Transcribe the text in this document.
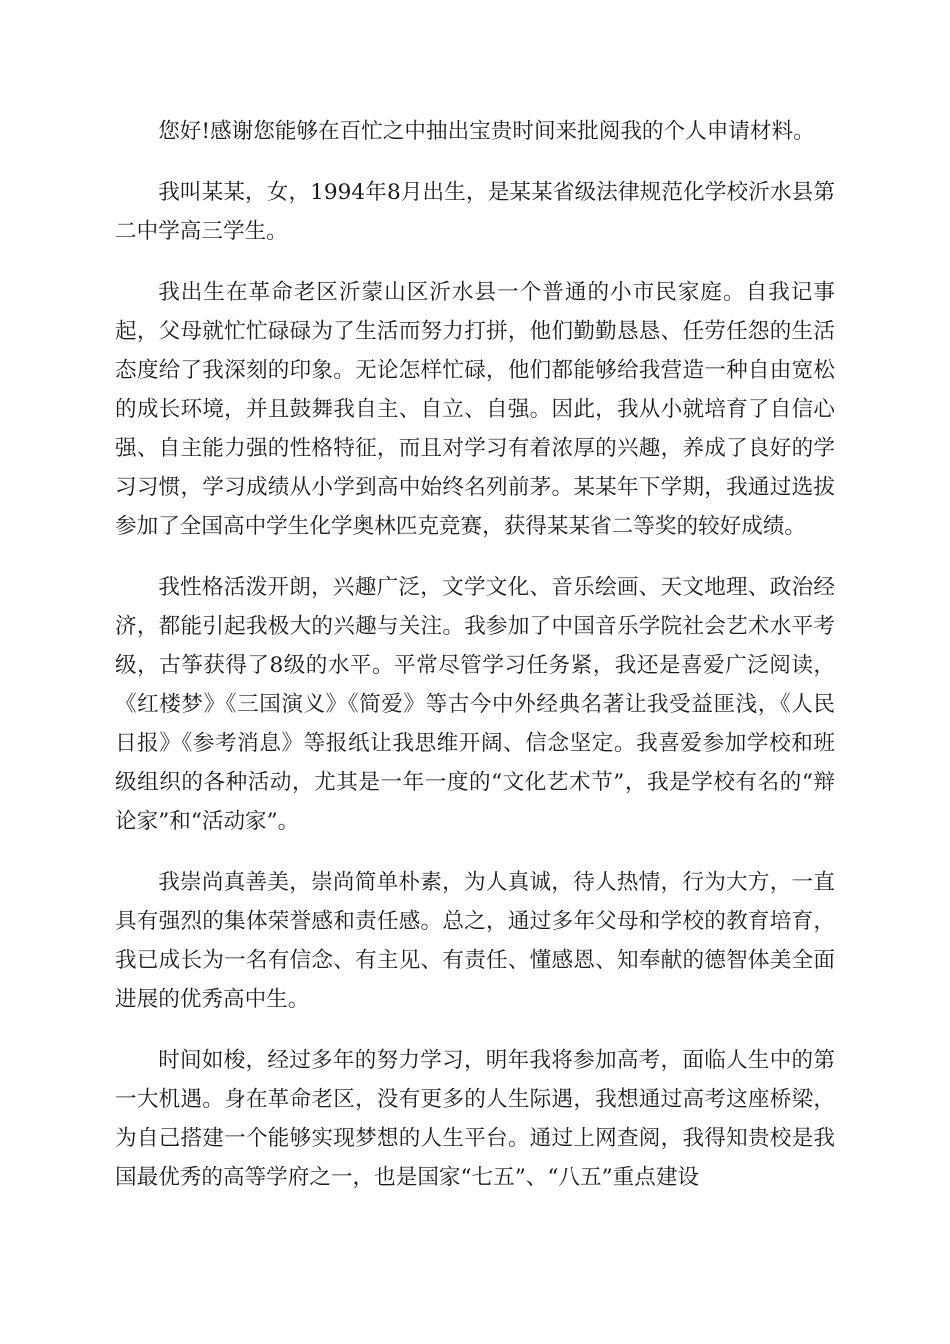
您好!感谢您能够在百忙之中抽出宝贵时间来批阅我的个人申请材料。

我叫某某，女，1994年8月出生，是某某省级法律规范化学校沂水县第二中学高三学生。

我出生在革命老区沂蒙山区沂水县一个普通的小市民家庭。自我记事起，父母就忙忙碌碌为了生活而努力打拼，他们勤勤恳恳、任劳任怨的生活态度给了我深刻的印象。无论怎样忙碌，他们都能够给我营造一种自由宽松的成长环境，并且鼓舞我自主、自立、自强。因此，我从小就培育了自信心强、自主能力强的性格特征，而且对学习有着浓厚的兴趣，养成了良好的学习习惯，学习成绩从小学到高中始终名列前茅。某某年下学期，我通过选拔参加了全国高中学生化学奥林匹克竞赛，获得某某省二等奖的较好成绩。

我性格活泼开朗，兴趣广泛，文学文化、音乐绘画、天文地理、政治经济，都能引起我极大的兴趣与关注。我参加了中国音乐学院社会艺术水平考级，古筝获得了8级的水平。平常尽管学习任务紧，我还是喜爱广泛阅读，《红楼梦》《三国演义》《简爱》等古今中外经典名著让我受益匪浅，《人民日报》《参考消息》等报纸让我思维开阔、信念坚定。我喜爱参加学校和班级组织的各种活动，尤其是一年一度的“文化艺术节”，我是学校有名的“辩论家”和“活动家”。

我崇尚真善美，崇尚简单朴素，为人真诚，待人热情，行为大方，一直具有强烈的集体荣誉感和责任感。总之，通过多年父母和学校的教育培育，我已成长为一名有信念、有主见、有责任、懂感恩、知奉献的德智体美全面进展的优秀高中生。

时间如梭，经过多年的努力学习，明年我将参加高考，面临人生中的第一大机遇。身在革命老区，没有更多的人生际遇，我想通过高考这座桥梁，为自己搭建一个能够实现梦想的人生平台。通过上网查阅，我得知贵校是我国最优秀的高等学府之一，也是国家“七五”、“八五”重点建设
